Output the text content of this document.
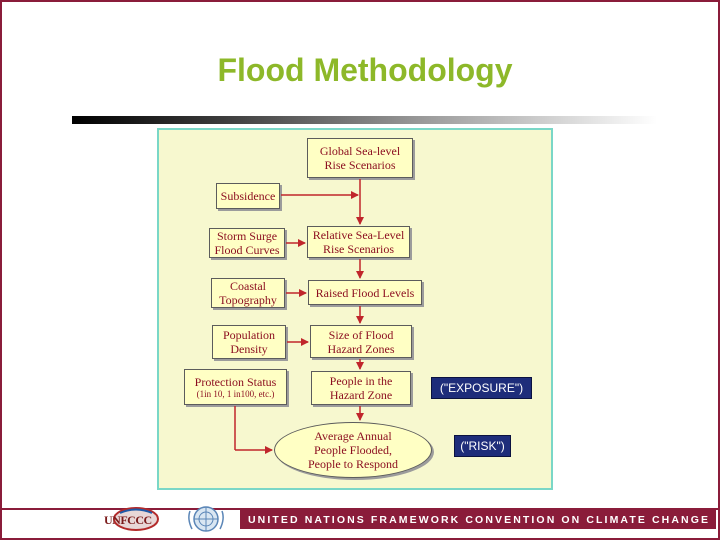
Flood Methodology
Global Sea-level
Rise Scenarios
Subsidence
Storm Surge
Flood Curves
Relative Sea-Level
Rise Scenarios
Coastal
Topography
Raised Flood Levels
Population
Density
Size of Flood
Hazard Zones
Protection Status
(1in 10, 1 in100, etc.)
People in the
Hazard Zone
Average Annual
People Flooded,
People to Respond
("EXPOSURE")
("RISK")
UNFCCC	UNITED NATIONS FRAMEWORK CONVENTION ON CLIMATE CHANGE
